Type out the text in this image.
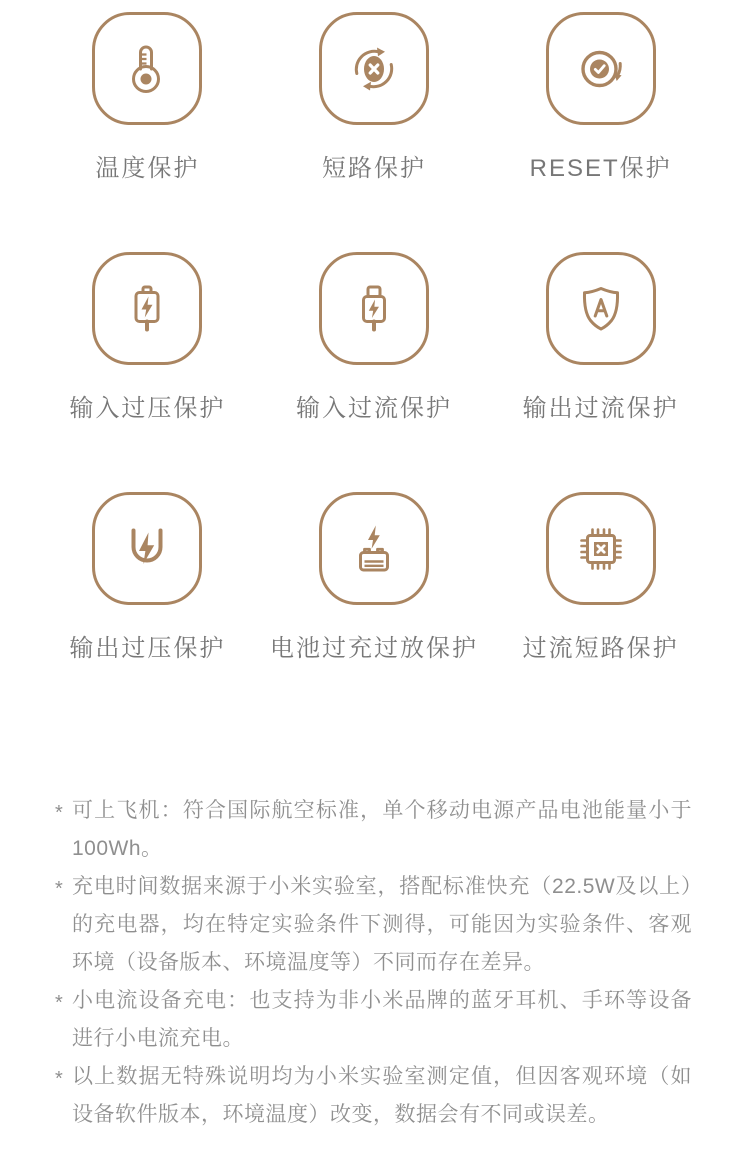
温度保护	短路保护	RESET保护
输入过压保护	输入过流保护	输出过流保护
输出过压保护 电池过充过放保护 过流短路保护
* 可上飞机：符合国际航空标准，单个移动电源产品电池能量小于100Wh。
* 充电时间数据来源于小米实验室，搭配标准快充（22.5W及以上）的充电器，均在特定实验条件下测得，可能因为实验条件、客观环境（设备版本、环境温度等）不同而存在差异。
* 小电流设备充电：也支持为非小米品牌的蓝牙耳机、手环等设备进行小电流充电。
* 以上数据无特殊说明均为小米实验室测定值，但因客观环境（如设备软件版本，环境温度）改变，数据会有不同或误差。
